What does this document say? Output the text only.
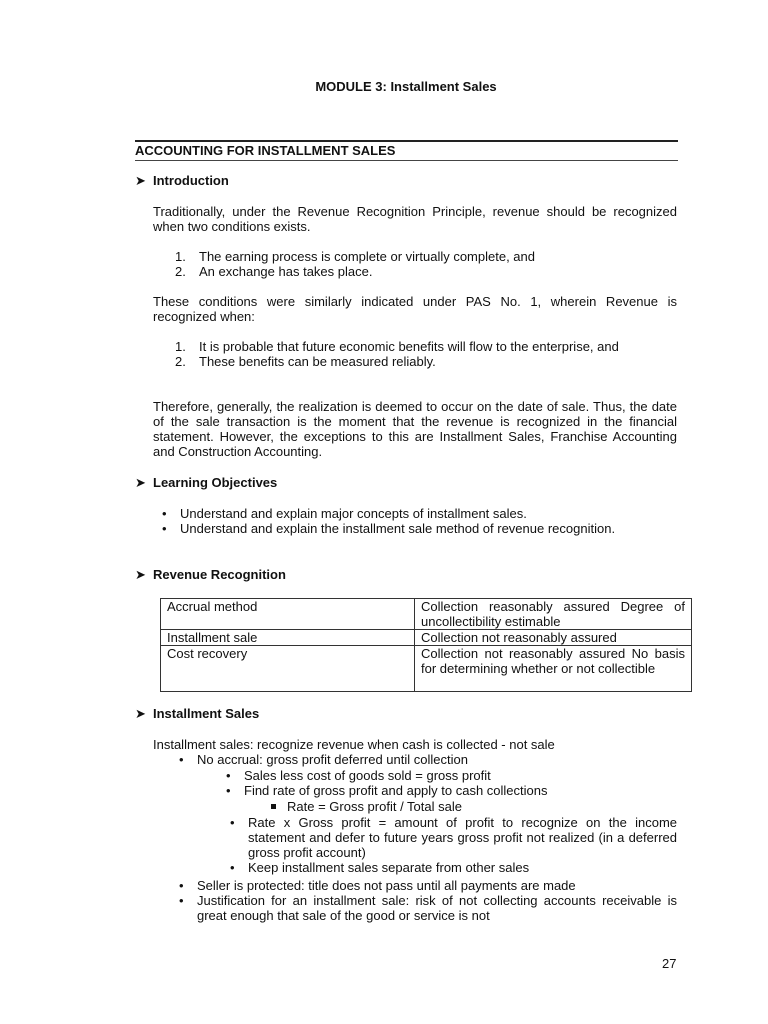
MODULE 3: Installment Sales
ACCOUNTING FOR INSTALLMENT SALES
➤ Introduction

Traditionally, under the Revenue Recognition Principle, revenue should be recognized when two conditions exists.

1. The earning process is complete or virtually complete, and
2. An exchange has takes place.

These conditions were similarly indicated under PAS No. 1, wherein Revenue is recognized when:

1. It is probable that future economic benefits will flow to the enterprise, and
2. These benefits can be measured reliably.

Therefore, generally, the realization is deemed to occur on the date of sale. Thus, the date of the sale transaction is the moment that the revenue is recognized in the financial statement. However, the exceptions to this are Installment Sales, Franchise Accounting and Construction Accounting.

➤ Learning Objectives
• Understand and explain major concepts of installment sales.
• Understand and explain the installment sale method of revenue recognition.
➤ Revenue Recognition
Accrual method	Collection reasonably assured Degree of uncollectibility estimable
Installment sale	Collection not reasonably assured
Cost recovery	Collection not reasonably assured No basis for determining whether or not collectible
➤ Installment Sales

Installment sales: recognize revenue when cash is collected - not sale

• No accrual: gross profit deferred until collection
• Sales less cost of goods sold = gross profit
• Find rate of gross profit and apply to cash collections
Rate = Gross profit / Total sale
• Rate x Gross profit = amount of profit to recognize on the income statement and defer to future years gross profit not realized (in a deferred gross profit account)
• Keep installment sales separate from other sales
• Seller is protected: title does not pass until all payments are made
• Justification for an installment sale: risk of not collecting accounts receivable is great enough that sale of the good or service is not
27
